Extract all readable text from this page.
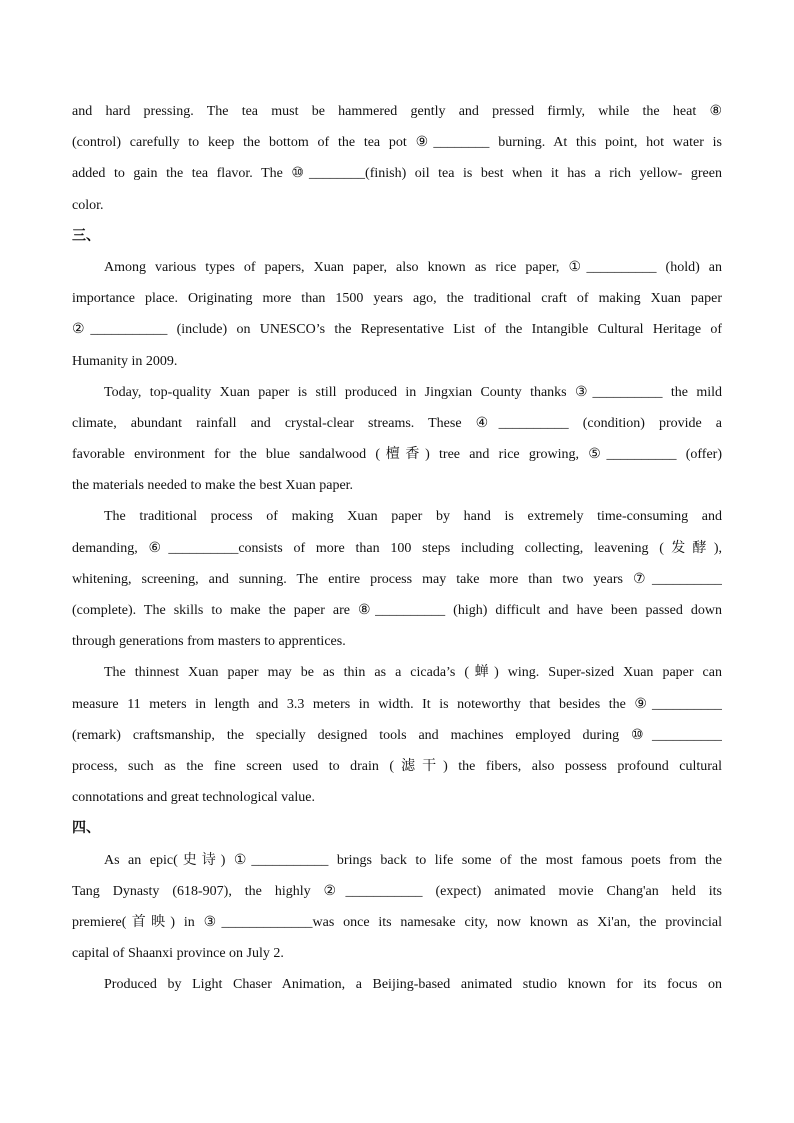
and hard pressing. The tea must be hammered gently and pressed firmly, while the heat ⑧
(control) carefully to keep the bottom of the tea pot ⑨________ burning. At this point, hot water is
added to gain the tea flavor. The ⑩________(finish) oil tea is best when it has a rich yellow- green
color.
三、
Among various types of papers, Xuan paper, also known as rice paper, ①__________ (hold) an
importance place. Originating more than 1500 years ago, the traditional craft of making Xuan paper
②___________ (include) on UNESCO’s the Representative List of the Intangible Cultural Heritage of
Humanity in 2009.
Today, top-quality Xuan paper is still produced in Jingxian County thanks ③__________ the mild
climate, abundant rainfall and crystal-clear streams. These ④__________ (condition) provide a
favorable environment for the blue sandalwood (檀香) tree and rice growing, ⑤__________ (offer)
the materials needed to make the best Xuan paper.
The traditional process of making Xuan paper by hand is extremely time-consuming and
demanding, ⑥__________consists of more than 100 steps including collecting, leavening (发酵),
whitening, screening, and sunning. The entire process may take more than two years ⑦__________
(complete). The skills to make the paper are ⑧__________ (high) difficult and have been passed down
through generations from masters to apprentices.
The thinnest Xuan paper may be as thin as a cicada’s (蝉) wing. Super-sized Xuan paper can
measure 11 meters in length and 3.3 meters in width. It is noteworthy that besides the ⑨__________
(remark) craftsmanship, the specially designed tools and machines employed during ⑩__________
process, such as the fine screen used to drain (滤干) the fibers, also possess profound cultural
connotations and great technological value.
四、
As an epic(史诗) ①___________ brings back to life some of the most famous poets from the
Tang Dynasty (618-907), the highly ②___________ (expect) animated movie Chang'an held its
premiere(首映) in ③_____________was once its namesake city, now known as Xi'an, the provincial
capital of Shaanxi province on July 2.
Produced by Light Chaser Animation, a Beijing-based animated studio known for its focus on
